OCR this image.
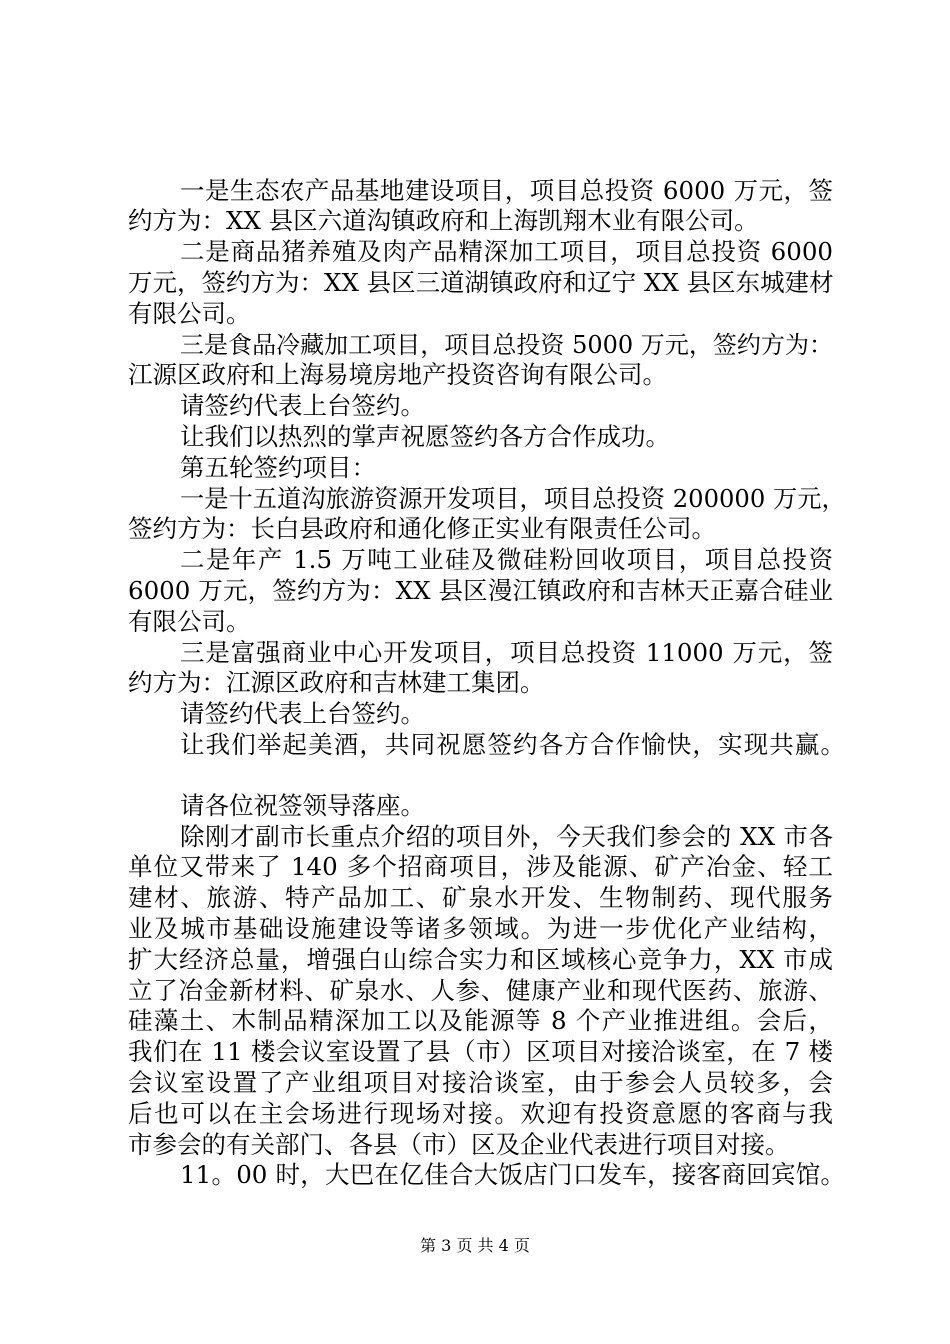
一是生态农产品基地建设项目，项目总投资 6000 万元，签
约方为：XX 县区六道沟镇政府和上海凯翔木业有限公司。
二是商品猪养殖及肉产品精深加工项目，项目总投资 6000
万元，签约方为：XX 县区三道湖镇政府和辽宁 XX 县区东城建材
有限公司。
三是食品冷藏加工项目，项目总投资 5000 万元，签约方为：
江源区政府和上海易境房地产投资咨询有限公司。
请签约代表上台签约。
让我们以热烈的掌声祝愿签约各方合作成功。
第五轮签约项目：
一是十五道沟旅游资源开发项目，项目总投资 200000 万元，
签约方为：长白县政府和通化修正实业有限责任公司。
二是年产 1.5 万吨工业硅及微硅粉回收项目，项目总投资
6000 万元，签约方为：XX 县区漫江镇政府和吉林天正嘉合硅业
有限公司。
三是富强商业中心开发项目，项目总投资 11000 万元，签
约方为：江源区政府和吉林建工集团。
请签约代表上台签约。
让我们举起美酒，共同祝愿签约各方合作愉快，实现共赢。
请各位祝签领导落座。
除刚才副市长重点介绍的项目外，今天我们参会的 XX 市各
单位又带来了 140 多个招商项目，涉及能源、矿产冶金、轻工
建材、旅游、特产品加工、矿泉水开发、生物制药、现代服务
业及城市基础设施建设等诸多领域。为进一步优化产业结构，
扩大经济总量，增强白山综合实力和区域核心竞争力，XX 市成
立了冶金新材料、矿泉水、人参、健康产业和现代医药、旅游、
硅藻土、木制品精深加工以及能源等 8 个产业推进组。会后，
我们在 11 楼会议室设置了县（市）区项目对接洽谈室，在 7 楼
会议室设置了产业组项目对接洽谈室，由于参会人员较多，会
后也可以在主会场进行现场对接。欢迎有投资意愿的客商与我
市参会的有关部门、各县（市）区及企业代表进行项目对接。
11。00 时，大巴在亿佳合大饭店门口发车，接客商回宾馆。
第 3 页 共 4 页
